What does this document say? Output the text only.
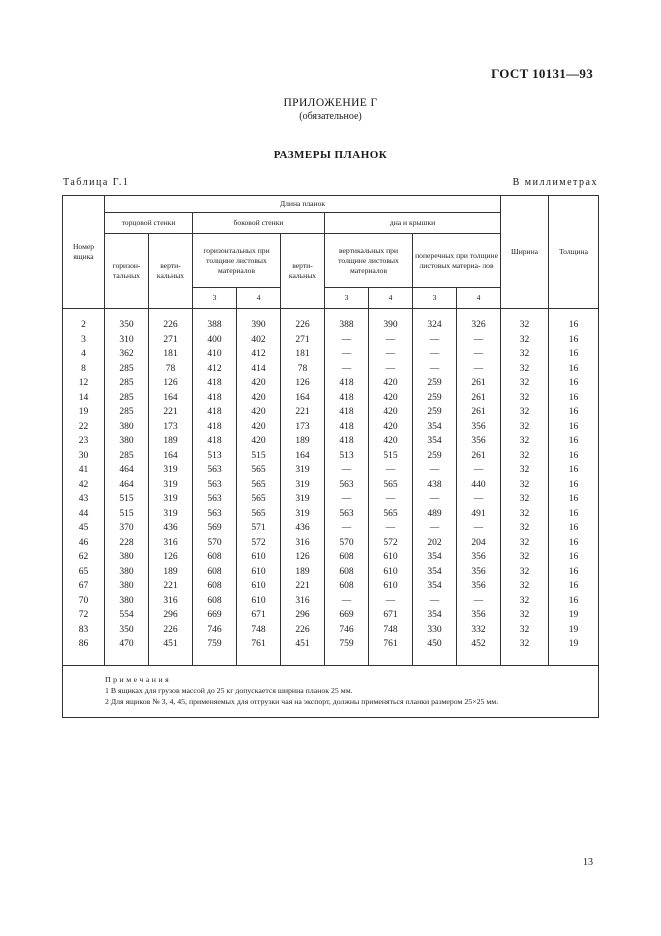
ГОСТ 10131—93
ПРИЛОЖЕНИЕ Г
(обязательное)
РАЗМЕРЫ ПЛАНОК
Таблица Г.1	В миллиметрах
Номер ящика	Длина планок									Ширина	Толщина
	торцовой стенки		боковой стенки			дна и крышки					
	горизон- тальных	верти- кальных	горизонтальных при толщине листовых материалов		верти- кальных	вертикальных при толщине листовых материалов		поперечных при толщине листовых материа- лов			
			3	4		3	4	3	4		
2	350	226	388	390	226	388	390	324	326	32	16
3	310	271	400	402	271	—	—	—	—	32	16
4	362	181	410	412	181	—	—	—	—	32	16
8	285	78	412	414	78	—	—	—	—	32	16
12	285	126	418	420	126	418	420	259	261	32	16
14	285	164	418	420	164	418	420	259	261	32	16
19	285	221	418	420	221	418	420	259	261	32	16
22	380	173	418	420	173	418	420	354	356	32	16
23	380	189	418	420	189	418	420	354	356	32	16
30	285	164	513	515	164	513	515	259	261	32	16
41	464	319	563	565	319	—	—	—	—	32	16
42	464	319	563	565	319	563	565	438	440	32	16
43	515	319	563	565	319	—	—	—	—	32	16
44	515	319	563	565	319	563	565	489	491	32	16
45	370	436	569	571	436	—	—	—	—	32	16
46	228	316	570	572	316	570	572	202	204	32	16
62	380	126	608	610	126	608	610	354	356	32	16
65	380	189	608	610	189	608	610	354	356	32	16
67	380	221	608	610	221	608	610	354	356	32	16
70	380	316	608	610	316	—	—	—	—	32	16
72	554	296	669	671	296	669	671	354	356	32	19
83	350	226	746	748	226	746	748	330	332	32	19
86	470	451	759	761	451	759	761	450	452	32	19

Примечания
1 В ящиках для грузов массой до 25 кг допускается ширина планок 25 мм.
2 Для ящиков № 3, 4, 45, применяемых для отгрузки чая на экспорт, должны применяться планки размером 25×25 мм.											
13
